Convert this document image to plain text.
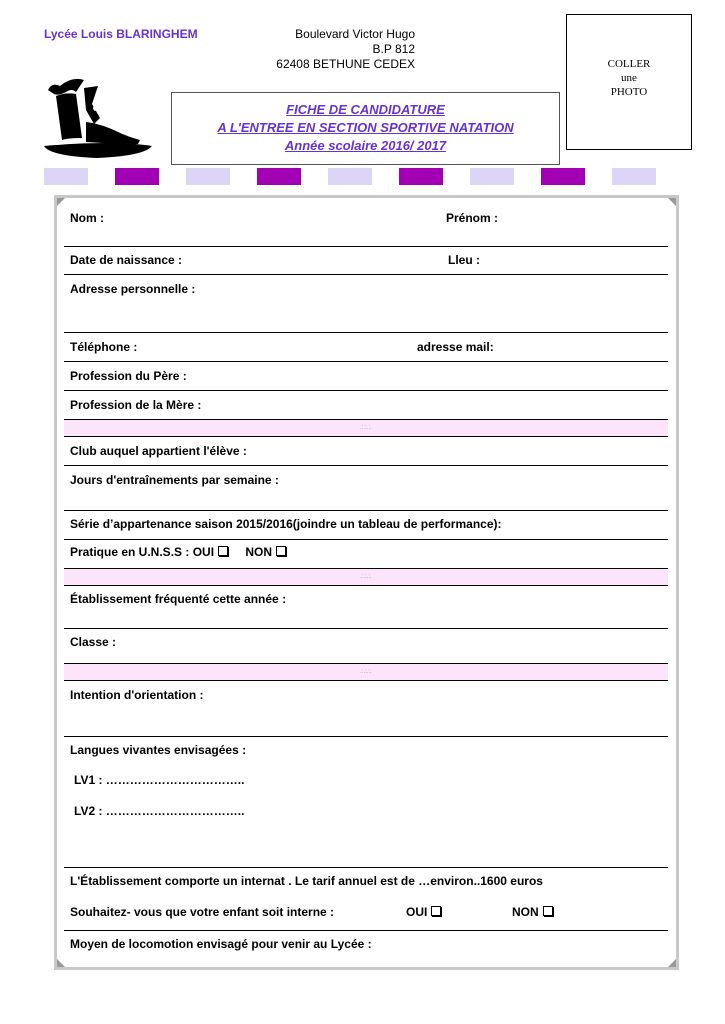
Lycée Louis BLARINGHEM	Boulevard Victor Hugo
B.P 812
62408 BETHUNE CEDEX	COLLER
une
PHOTO
FICHE DE CANDIDATURE
A L'ENTREE EN SECTION SPORTIVE NATATION
Année scolaire 2016/ 2017
Nom :	Prénom :
Date de naissance :	Lleu :
Adresse personnelle :
Téléphone :	adresse mail:
Profession du Père :
Profession de la Mère :
.:.:.:.
Club auquel appartient l'élève :
Jours d'entraînements par semaine :
Série d’appartenance saison 2015/2016(joindre un tableau de performance):
Pratique en U.N.S.S : OUI	NON
.:.:.:.
Établissement fréquenté cette année :
Classe :
.:.:.:.
Intention d'orientation :
Langues vivantes envisagées :
LV1 : ……………………………..
LV2 : ……………………………..
L'Établissement comporte un internat . Le tarif annuel est de …environ..1600 euros
Souhaitez- vous que votre enfant soit interne :	OUI	NON
Moyen de locomotion envisagé pour venir au Lycée :
